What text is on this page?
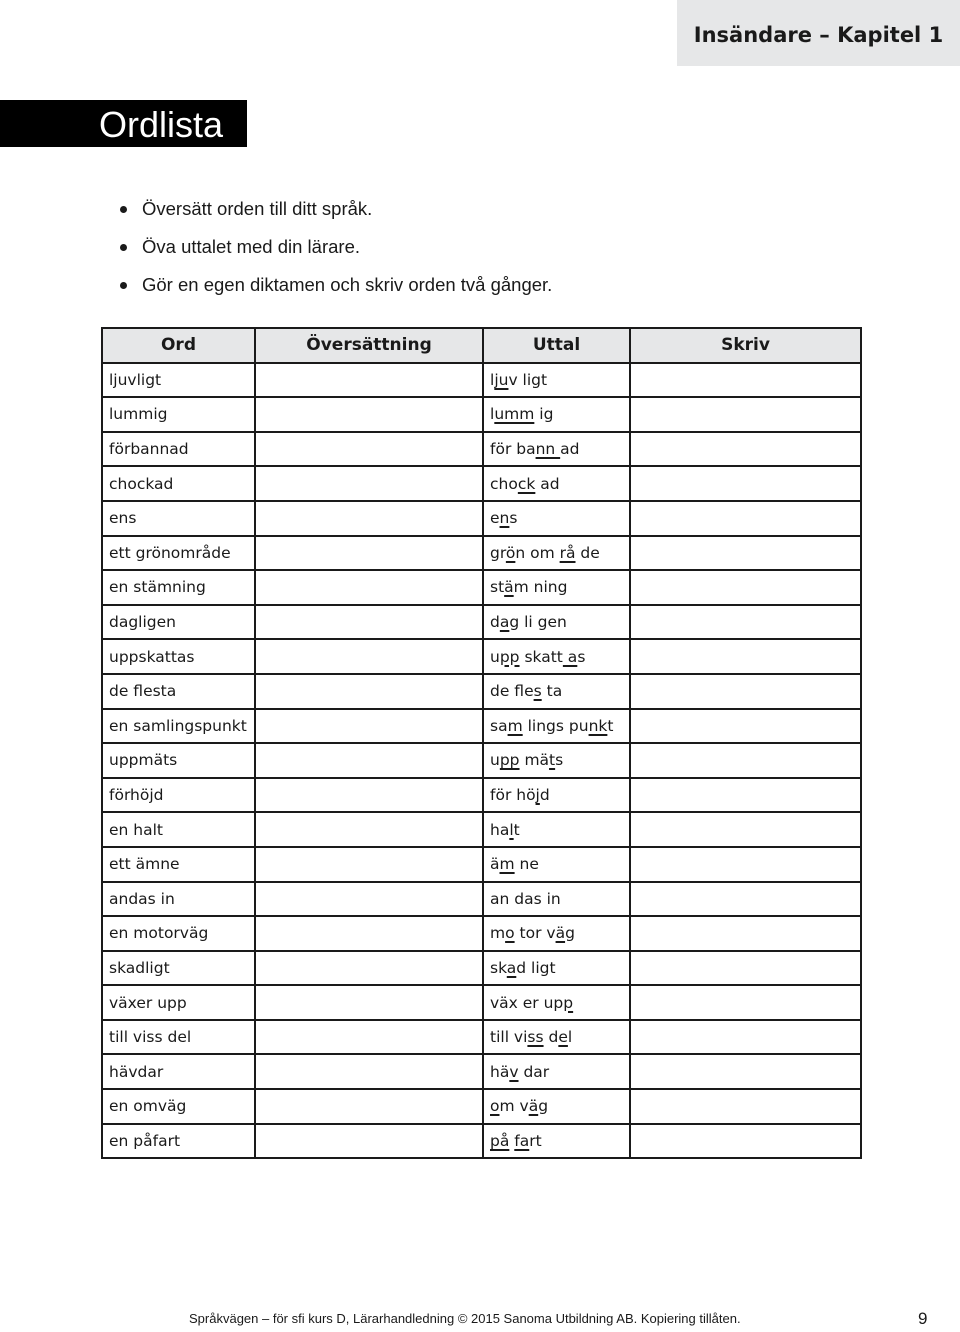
Insändare – Kapitel 1
Ordlista
Översätt orden till ditt språk.
Öva uttalet med din lärare.
Gör en egen diktamen och skriv orden två gånger.
Ord	Översättning	Uttal	Skriv
ljuvligt		ljuv ligt	
lummig		lumm ig	
förbannad		för bann ad	
chockad		chock ad	
ens		ens	
ett grönområde		grön om rå de	
en stämning		stäm ning	
dagligen		dag li gen	
uppskattas		upp skatt as	
de flesta		de fles ta	
en samlingspunkt		sam lings punkt	
uppmäts		upp mäts	
förhöjd		för höjd	
en halt		halt	
ett ämne		äm ne	
andas in		an das in	
en motorväg		mo tor väg	
skadligt		skad ligt	
växer upp		väx er upp	
till viss del		till viss del	
hävdar		häv dar	
en omväg		om väg	
en påfart		på fart	
Språkvägen – för sfi kurs D, Lärarhandledning © 2015 Sanoma Utbildning AB. Kopiering tillåten.	9
